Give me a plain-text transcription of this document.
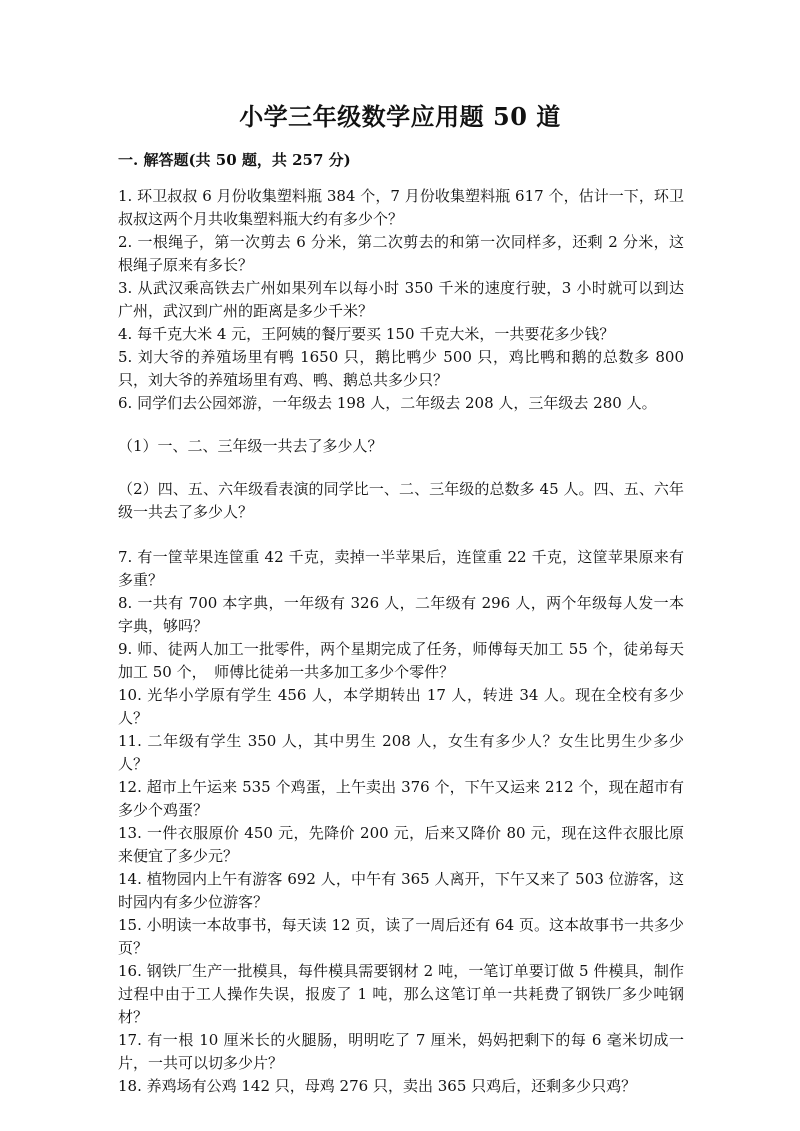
小学三年级数学应用题 50 道
一. 解答题(共 50 题，共 257 分)

1. 环卫叔叔 6 月份收集塑料瓶 384 个，7 月份收集塑料瓶 617 个，估计一下，环卫叔叔这两个月共收集塑料瓶大约有多少个？

2. 一根绳子，第一次剪去 6 分米，第二次剪去的和第一次同样多，还剩 2 分米，这根绳子原来有多长？

3. 从武汉乘高铁去广州如果列车以每小时 350 千米的速度行驶，3 小时就可以到达广州，武汉到广州的距离是多少千米？

4. 每千克大米 4 元，王阿姨的餐厅要买 150 千克大米，一共要花多少钱？

5. 刘大爷的养殖场里有鸭 1650 只，鹅比鸭少 500 只，鸡比鸭和鹅的总数多 800 只，刘大爷的养殖场里有鸡、鸭、鹅总共多少只？

6. 同学们去公园郊游，一年级去 198 人，二年级去 208 人，三年级去 280 人。

（1）一、二、三年级一共去了多少人？

（2）四、五、六年级看表演的同学比一、二、三年级的总数多 45 人。四、五、六年级一共去了多少人？

7. 有一筐苹果连筐重 42 千克，卖掉一半苹果后，连筐重 22 千克，这筐苹果原来有多重？

8. 一共有 700 本字典，一年级有 326 人，二年级有 296 人，两个年级每人发一本字典，够吗？

9. 师、徒两人加工一批零件，两个星期完成了任务，师傅每天加工 55 个，徒弟每天加工 50 个，　师傅比徒弟一共多加工多少个零件？

10. 光华小学原有学生 456 人，本学期转出 17 人，转进 34 人。现在全校有多少人？

11. 二年级有学生 350 人，其中男生 208 人，女生有多少人？女生比男生少多少人？

12. 超市上午运来 535 个鸡蛋，上午卖出 376 个，下午又运来 212 个，现在超市有多少个鸡蛋？

13. 一件衣服原价 450 元，先降价 200 元，后来又降价 80 元，现在这件衣服比原来便宜了多少元？

14. 植物园内上午有游客 692 人，中午有 365 人离开，下午又来了 503 位游客，这时园内有多少位游客？

15. 小明读一本故事书，每天读 12 页，读了一周后还有 64 页。这本故事书一共多少页？

16. 钢铁厂生产一批模具，每件模具需要钢材 2 吨，一笔订单要订做 5 件模具，制作过程中由于工人操作失误，报废了 1 吨，那么这笔订单一共耗费了钢铁厂多少吨钢材？

17. 有一根 10 厘米长的火腿肠，明明吃了 7 厘米，妈妈把剩下的每 6 毫米切成一片，一共可以切多少片？

18. 养鸡场有公鸡 142 只，母鸡 276 只，卖出 365 只鸡后，还剩多少只鸡？
